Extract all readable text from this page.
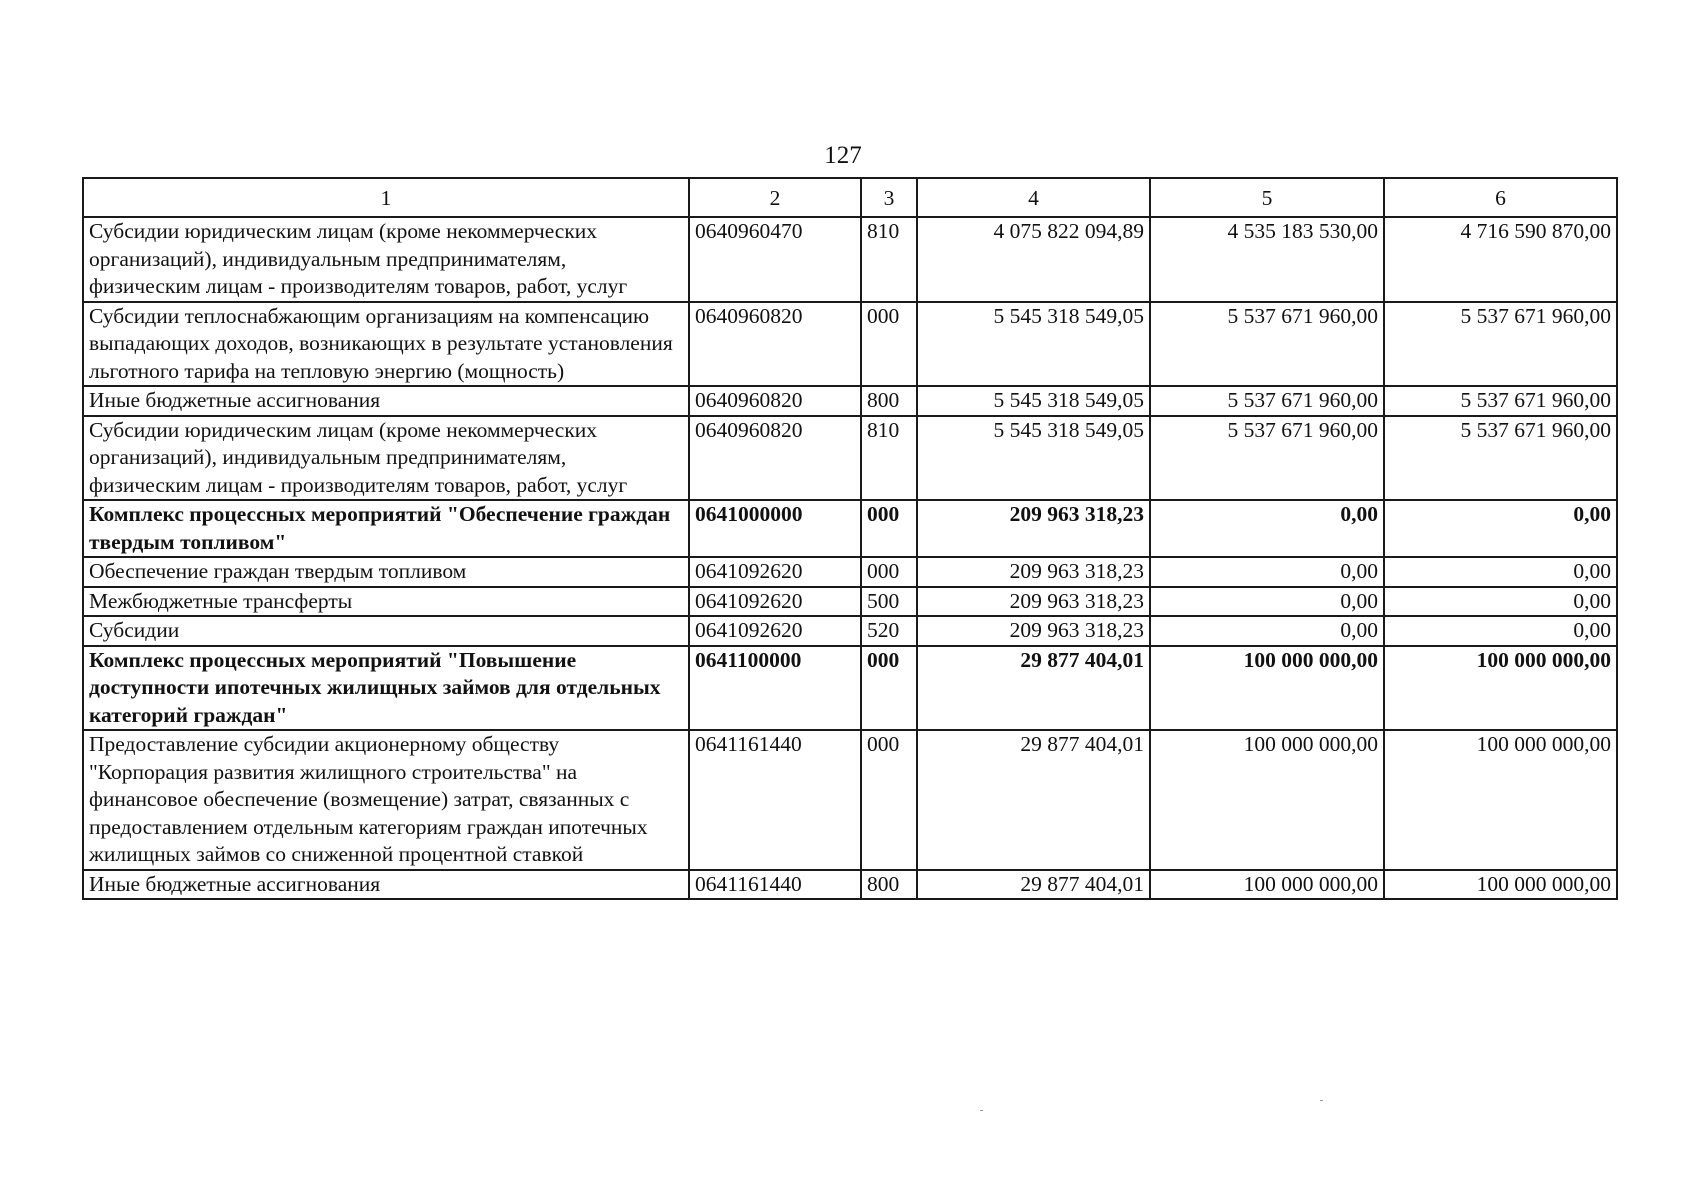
127
1	2	3	4	5	6
Субсидии юридическим лицам (кроме некоммерческих организаций), индивидуальным предпринимателям, физическим лицам - производителям товаров, работ, услуг	0640960470	810	4 075 822 094,89	4 535 183 530,00	4 716 590 870,00
Субсидии теплоснабжающим организациям на компенсацию выпадающих доходов, возникающих в результате установления льготного тарифа на тепловую энергию (мощность)	0640960820	000	5 545 318 549,05	5 537 671 960,00	5 537 671 960,00
Иные бюджетные ассигнования	0640960820	800	5 545 318 549,05	5 537 671 960,00	5 537 671 960,00
Субсидии юридическим лицам (кроме некоммерческих организаций), индивидуальным предпринимателям, физическим лицам - производителям товаров, работ, услуг	0640960820	810	5 545 318 549,05	5 537 671 960,00	5 537 671 960,00
Комплекс процессных мероприятий "Обеспечение граждан твердым топливом"	0641000000	000	209 963 318,23	0,00	0,00
Обеспечение граждан твердым топливом	0641092620	000	209 963 318,23	0,00	0,00
Межбюджетные трансферты	0641092620	500	209 963 318,23	0,00	0,00
Субсидии	0641092620	520	209 963 318,23	0,00	0,00
Комплекс процессных мероприятий "Повышение доступности ипотечных жилищных займов для отдельных категорий граждан"	0641100000	000	29 877 404,01	100 000 000,00	100 000 000,00
Предоставление субсидии акционерному обществу "Корпорация развития жилищного строительства" на финансовое обеспечение (возмещение) затрат, связанных с предоставлением отдельным категориям граждан ипотечных жилищных займов со сниженной процентной ставкой	0641161440	000	29 877 404,01	100 000 000,00	100 000 000,00
Иные бюджетные ассигнования	0641161440	800	29 877 404,01	100 000 000,00	100 000 000,00
